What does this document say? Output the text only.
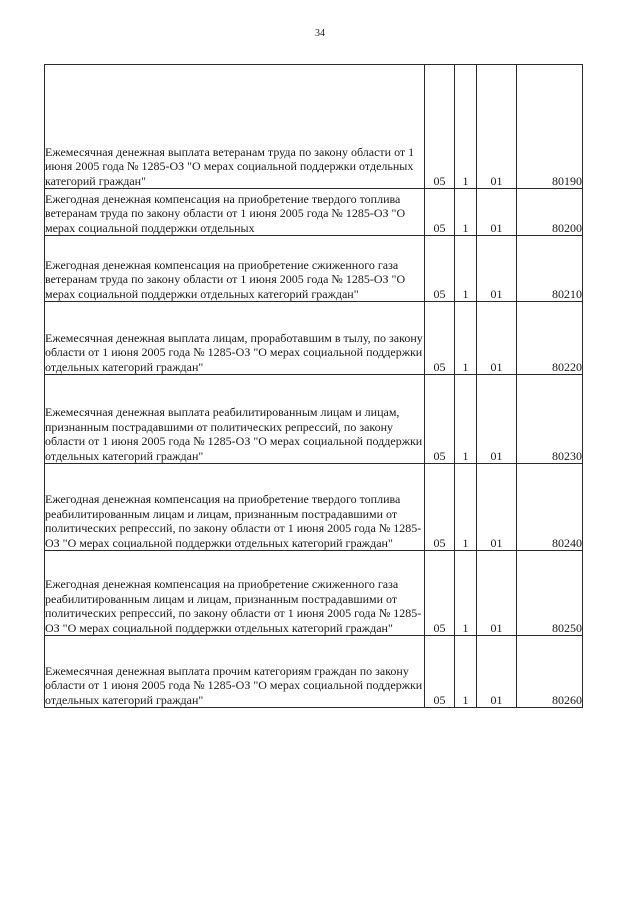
34
Ежемесячная денежная выплата ветеранам труда по закону области от 1 июня 2005 года № 1285-ОЗ "О мерах социальной поддержки отдельных категорий граждан"	05	1	01	80190
Ежегодная денежная компенсация на приобретение твердого топлива ветеранам труда по закону области от 1 июня 2005 года № 1285-ОЗ "О мерах социальной поддержки отдельных	05	1	01	80200
Ежегодная денежная компенсация на приобретение сжиженного газа ветеранам труда по закону области от 1 июня 2005 года № 1285-ОЗ "О мерах социальной поддержки отдельных категорий граждан"	05	1	01	80210
Ежемесячная денежная выплата лицам, проработавшим в тылу, по закону области от 1 июня 2005 года № 1285-ОЗ "О мерах социальной поддержки отдельных категорий граждан"	05	1	01	80220
Ежемесячная денежная выплата реабилитированным лицам и лицам, признанным пострадавшими от политических репрессий, по закону области от 1 июня 2005 года № 1285-ОЗ "О мерах социальной поддержки отдельных категорий граждан"	05	1	01	80230
Ежегодная денежная компенсация на приобретение твердого топлива реабилитированным лицам и лицам, признанным пострадавшими от политических репрессий, по закону области от 1 июня 2005 года № 1285-ОЗ "О мерах социальной поддержки отдельных категорий граждан"	05	1	01	80240
Ежегодная денежная компенсация на приобретение сжиженного газа реабилитированным лицам и лицам, признанным пострадавшими от политических репрессий, по закону области от 1 июня 2005 года № 1285-ОЗ "О мерах социальной поддержки отдельных категорий граждан"	05	1	01	80250
Ежемесячная денежная выплата прочим категориям граждан по закону области от 1 июня 2005 года № 1285-ОЗ "О мерах социальной поддержки отдельных категорий граждан"	05	1	01	80260
